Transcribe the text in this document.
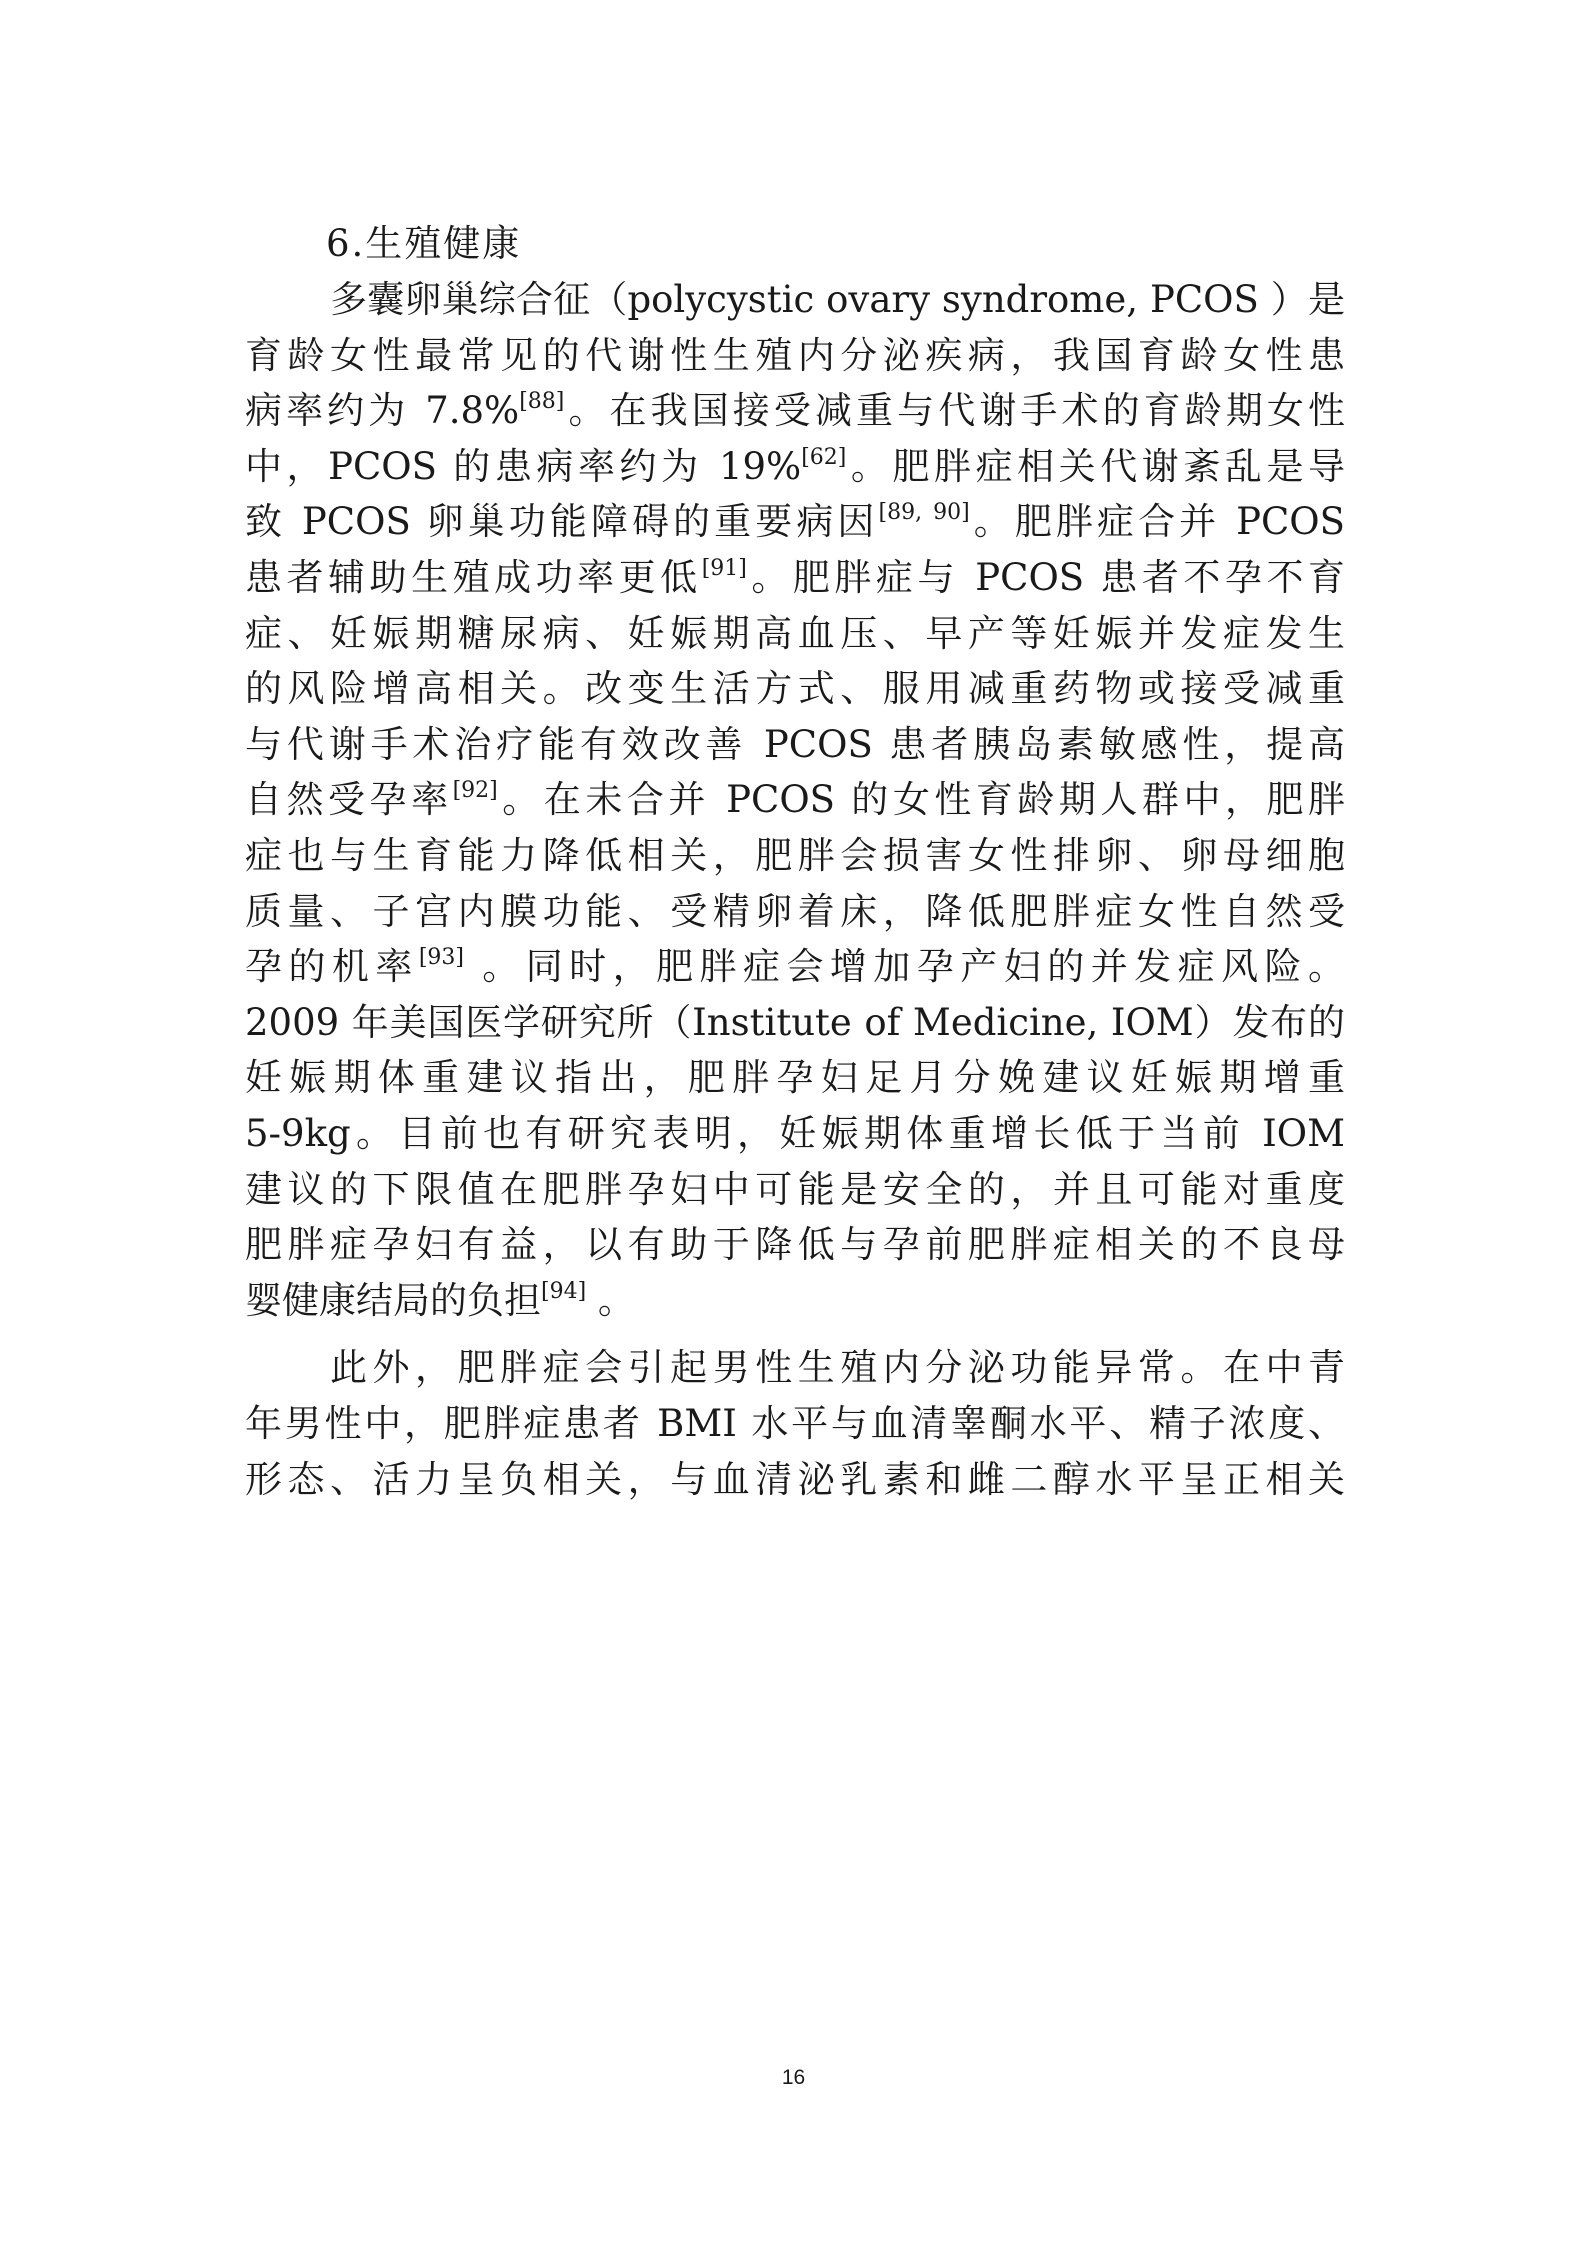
6.生殖健康
多囊卵巢综合征（polycystic ovary syndrome, PCOS ）是
育龄女性最常见的代谢性生殖内分泌疾病，我国育龄女性患
病率约为 7.8%[88]。在我国接受减重与代谢手术的育龄期女性
中，PCOS 的患病率约为 19%[62]。肥胖症相关代谢紊乱是导
致 PCOS 卵巢功能障碍的重要病因[89, 90]。肥胖症合并 PCOS
患者辅助生殖成功率更低[91]。肥胖症与 PCOS 患者不孕不育
症、妊娠期糖尿病、妊娠期高血压、早产等妊娠并发症发生
的风险增高相关。改变生活方式、服用减重药物或接受减重
与代谢手术治疗能有效改善 PCOS 患者胰岛素敏感性，提高
自然受孕率[92]。在未合并 PCOS 的女性育龄期人群中，肥胖
症也与生育能力降低相关，肥胖会损害女性排卵、卵母细胞
质量、子宫内膜功能、受精卵着床，降低肥胖症女性自然受
孕的机率[93] 。同时，肥胖症会增加孕产妇的并发症风险。
2009 年美国医学研究所（Institute of Medicine, IOM）发布的
妊娠期体重建议指出，肥胖孕妇足月分娩建议妊娠期增重
5-9kg。目前也有研究表明，妊娠期体重增长低于当前 IOM
建议的下限值在肥胖孕妇中可能是安全的，并且可能对重度
肥胖症孕妇有益，以有助于降低与孕前肥胖症相关的不良母
婴健康结局的负担[94] 。
此外，肥胖症会引起男性生殖内分泌功能异常。在中青
年男性中，肥胖症患者 BMI 水平与血清睾酮水平、精子浓度、
形态、活力呈负相关，与血清泌乳素和雌二醇水平呈正相关
16
